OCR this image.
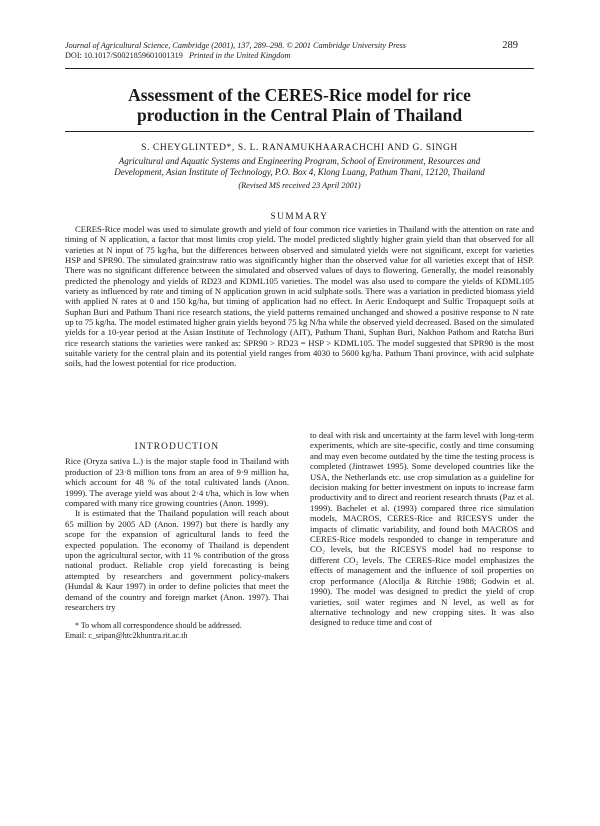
Journal of Agricultural Science, Cambridge (2001), 137, 289–298. © 2001 Cambridge University Press
DOI: 10.1017/S0021859601001319 Printed in the United Kingdom
289
Assessment of the CERES-Rice model for rice
production in the Central Plain of Thailand
S. CHEYGLINTED*, S. L. RANAMUKHAARACHCHI AND G. SINGH
Agricultural and Aquatic Systems and Engineering Program, School of Environment, Resources and
Development, Asian Institute of Technology, P.O. Box 4, Klong Luang, Pathum Thani, 12120, Thailand
(Revised MS received 23 April 2001)
SUMMARY
CERES-Rice model was used to simulate growth and yield of four common rice varieties in Thailand with the attention on rate and timing of N application, a factor that most limits crop yield. The model predicted slightly higher grain yield than that observed for all varieties at N input of 75 kg/ha, but the differences between observed and simulated yields were not significant, except for varieties HSP and SPR90. The simulated grain:straw ratio was significantly higher than the observed value for all varieties except that of HSP. There was no significant difference between the simulated and observed values of days to flowering. Generally, the model reasonably predicted the phenology and yields of RD23 and KDML105 varieties. The model was also used to compare the yields of KDML105 variety as influenced by rate and timing of N application grown in acid sulphate soils. There was a variation in predicted biomass yield with applied N rates at 0 and 150 kg/ha, but timing of application had no effect. In Aeric Endoquept and Sulfic Tropaquept soils at Suphan Buri and Pathum Thani rice research stations, the yield patterns remained unchanged and showed a positive response to N rate up to 75 kg/ha. The model estimated higher grain yields beyond 75 kg N/ha while the observed yield decreased. Based on the simulated yields for a 10-year period at the Asian Institute of Technology (AIT), Pathum Thani, Suphan Buri, Nakhon Pathom and Ratcha Buri rice research stations the varieties were ranked as: SPR90 > RD23 = HSP > KDML105. The model suggested that SPR90 is the most suitable variety for the central plain and its potential yield ranges from 4030 to 5600 kg/ha. Pathum Thani province, with acid sulphate soils, had the lowest potential for rice production.
INTRODUCTION

Rice (Oryza sativa L.) is the major staple food in Thailand with production of 23·8 million tons from an area of 9·9 million ha, which account for 48 % of the total cultivated lands (Anon. 1999). The average yield was about 2·4 t/ha, which is low when compared with many rice growing countries (Anon. 1999).

It is estimated that the Thailand population will reach about 65 million by 2005 AD (Anon. 1997) but there is hardly any scope for the expansion of agricultural lands to feed the expected population. The economy of Thailand is dependent upon the agricultural sector, with 11 % contribution of the gross national product. Reliable crop yield forecasting is being attempted by researchers and government policy-makers (Hundal & Kaur 1997) in order to define policies that meet the demand of the country and foreign market (Anon. 1997). Thai researchers try

* To whom all correspondence should be addressed.
Email: c_sripan@htc2khuntra.rit.ac.th

to deal with risk and uncertainty at the farm level with long-term experiments, which are site-specific, costly and time consuming and may even become outdated by the time the testing process is completed (Jintrawet 1995). Some developed countries like the USA, the Netherlands etc. use crop simulation as a guideline for decision making for better investment on inputs to increase farm productivity and to direct and reorient research thrusts (Paz et al. 1999). Bachelet et al. (1993) compared three rice simulation models, MACROS, CERES-Rice and RICESYS under the impacts of climatic variability, and found both MACROS and CERES-Rice models responded to change in temperature and CO₂ levels, but the RICESYS model had no response to different CO₂ levels. The CERES-Rice model emphasizes the effects of management and the influence of soil properties on crop performance (Alocilja & Ritchie 1988; Godwin et al. 1990). The model was designed to predict the yield of crop varieties, soil water regimes and N level, as well as for alternative technology and new cropping sites. It was also designed to reduce time and cost of
